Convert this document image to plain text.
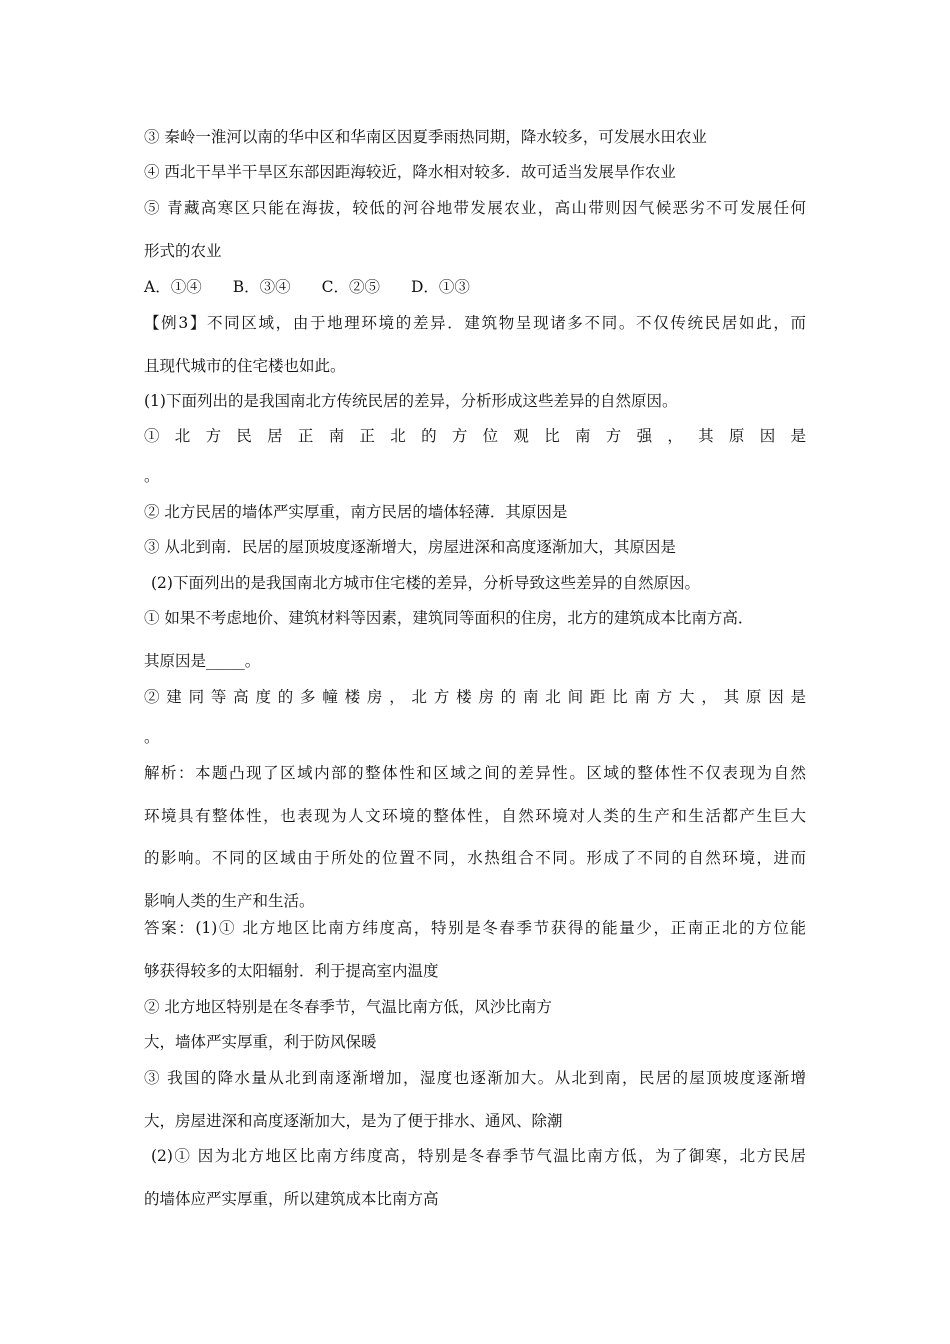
③ 秦岭一淮河以南的华中区和华南区因夏季雨热同期，降水较多，可发展水田农业

④ 西北干旱半干旱区东部因距海较近，降水相对较多．故可适当发展旱作农业

⑤ 青藏高寒区只能在海拔，较低的河谷地带发展农业，高山带则因气候恶劣不可发展任何

形式的农业

A．①④　　B．③④　　C．②⑤　　D．①③

【例3】不同区域，由于地理环境的差异．建筑物呈现诸多不同。不仅传统民居如此，而

且现代城市的住宅楼也如此。

(1)下面列出的是我国南北方传统民居的差异，分析形成这些差异的自然原因。

① 北 方 民 居 正 南 正 北 的 方 位 观 比 南 方 强 ， 其 原 因 是

。

② 北方民居的墙体严实厚重，南方民居的墙体轻薄．其原因是

③ 从北到南．民居的屋顶坡度逐渐增大，房屋进深和高度逐渐加大，其原因是

(2)下面列出的是我国南北方城市住宅楼的差异，分析导致这些差异的自然原因。

① 如果不考虑地价、建筑材料等因素，建筑同等面积的住房，北方的建筑成本比南方高．

其原因是_____。

② 建 同 等 高 度 的 多 幢 楼 房 ， 北 方 楼 房 的 南 北 间 距 比 南 方 大 ， 其 原 因 是

。

解析：本题凸现了区域内部的整体性和区域之间的差异性。区域的整体性不仅表现为自然

环境具有整体性，也表现为人文环境的整体性，自然环境对人类的生产和生活都产生巨大

的影响。不同的区域由于所处的位置不同，水热组合不同。形成了不同的自然环境，进而

影响人类的生产和生活。

答案：(1)① 北方地区比南方纬度高，特别是冬春季节获得的能量少，正南正北的方位能

够获得较多的太阳辐射．利于提高室内温度

② 北方地区特别是在冬春季节，气温比南方低，风沙比南方

大，墙体严实厚重，利于防风保暖

③ 我国的降水量从北到南逐渐增加，湿度也逐渐加大。从北到南，民居的屋顶坡度逐渐增

大，房屋进深和高度逐渐加大，是为了便于排水、通风、除潮

(2)① 因为北方地区比南方纬度高，特别是冬春季节气温比南方低，为了御寒，北方民居

的墙体应严实厚重，所以建筑成本比南方高
